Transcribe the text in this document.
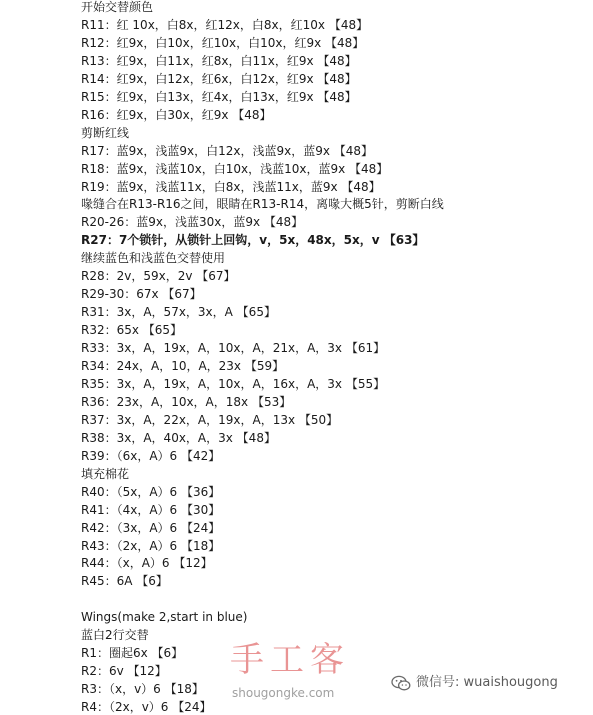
开始交替颜色
R11：红 10x，白8x，红12x，白8x，红10x 【48】
R12：红9x，白10x，红10x，白10x，红9x 【48】
R13：红9x，白11x，红8x，白11x，红9x 【48】
R14：红9x，白12x，红6x，白12x，红9x 【48】
R15：红9x，白13x，红4x，白13x，红9x 【48】
R16：红9x，白30x，红9x 【48】
剪断红线
R17：蓝9x，浅蓝9x，白12x，浅蓝9x，蓝9x 【48】
R18：蓝9x，浅蓝10x，白10x，浅蓝10x，蓝9x 【48】
R19：蓝9x，浅蓝11x，白8x，浅蓝11x，蓝9x 【48】
喙缝合在R13-R16之间，眼睛在R13-R14，离喙大概5针，剪断白线
R20-26：蓝9x，浅蓝30x，蓝9x 【48】
R27：7个锁针，从锁针上回钩，v，5x，48x，5x，v 【63】
继续蓝色和浅蓝色交替使用
R28：2v，59x，2v 【67】
R29-30：67x 【67】
R31：3x，A，57x，3x，A 【65】
R32：65x 【65】
R33：3x，A，19x，A，10x，A，21x，A，3x 【61】
R34：24x，A，10，A，23x 【59】
R35：3x，A，19x，A，10x，A，16x，A，3x 【55】
R36：23x，A，10x，A，18x 【53】
R37：3x，A，22x，A，19x，A，13x 【50】
R38：3x，A，40x，A，3x 【48】
R39：（6x，A）6 【42】
填充棉花
R40：（5x，A）6 【36】
R41：（4x，A）6 【30】
R42：（3x，A）6 【24】
R43：（2x，A）6 【18】
R44：（x，A）6 【12】
R45：6A 【6】
Wings(make 2,start in blue)
蓝白2行交替
R1：圈起6x 【6】
R2：6v 【12】
R3：（x，v）6 【18】
R4：（2x，v）6 【24】
手工客
shougongke.com
微信号: wuaishougong
